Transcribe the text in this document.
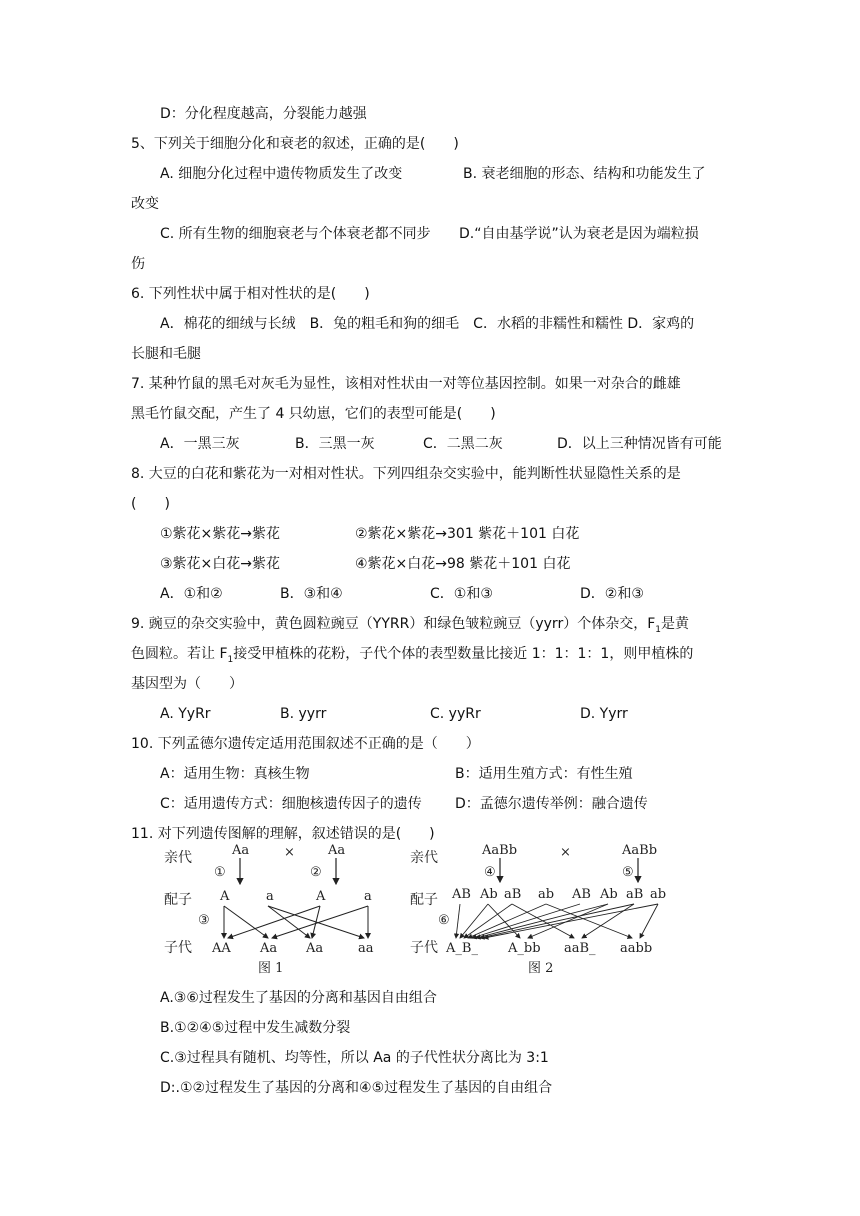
D：分化程度越高，分裂能力越强
5、下列关于细胞分化和衰老的叙述，正确的是(　　)
A. 细胞分化过程中遗传物质发生了改变	B. 衰老细胞的形态、结构和功能发生了
改变
C. 所有生物的细胞衰老与个体衰老都不同步 D.“自由基学说”认为衰老是因为端粒损
伤
6. 下列性状中属于相对性状的是(　　)
A．棉花的细绒与长绒　B．兔的粗毛和狗的细毛　C．水稻的非糯性和糯性 D．家鸡的
长腿和毛腿
7. 某种竹鼠的黑毛对灰毛为显性，该相对性状由一对等位基因控制。如果一对杂合的雌雄
黑毛竹鼠交配，产生了 4 只幼崽，它们的表型可能是(　　)
A．一黑三灰	B．三黑一灰	C．二黑二灰	D．以上三种情况皆有可能
8. 大豆的白花和紫花为一对相对性状。下列四组杂交实验中，能判断性状显隐性关系的是
(　　)
①紫花×紫花→紫花	②紫花×紫花→301 紫花＋101 白花
③紫花×白花→紫花	④紫花×白花→98 紫花＋101 白花
A．①和②	B．③和④	C．①和③	D．②和③
9. 豌豆的杂交实验中，黄色圆粒豌豆（YYRR）和绿色皱粒豌豆（yyrr）个体杂交，$F_1$是黄
色圆粒。若让 $F_1$接受甲植株的花粉，子代个体的表型数量比接近 1：1：1：1，则甲植株的
基因型为（　　）
A. YyRr	B. yyrr	C. yyRr	D. Yyrr
10. 下列孟德尔遗传定适用范围叙述不正确的是（　　）
A：适用生物：真核生物	B：适用生殖方式：有性生殖
C：适用遗传方式：细胞核遗传因子的遗传 D：孟德尔遗传举例：融合遗传
11. 对下列遗传图解的理解，叙述错误的是(　　)
亲代	Aa	×	Aa
①	②
配子 A	a	A	a
③
子代 AA Aa Aa	aa
图 1
亲代	AaBb	×	AaBb
④	⑤
配子 AB Ab aB ab AB Ab aB ab
⑥
子代 A_B_ A_bb aaB_ aabb
图 2
A.③⑥过程发生了基因的分离和基因自由组合
B.①②④⑤过程中发生减数分裂
C.③过程具有随机、均等性，所以 Aa 的子代性状分离比为 3:1
D:.①②过程发生了基因的分离和④⑤过程发生了基因的自由组合
